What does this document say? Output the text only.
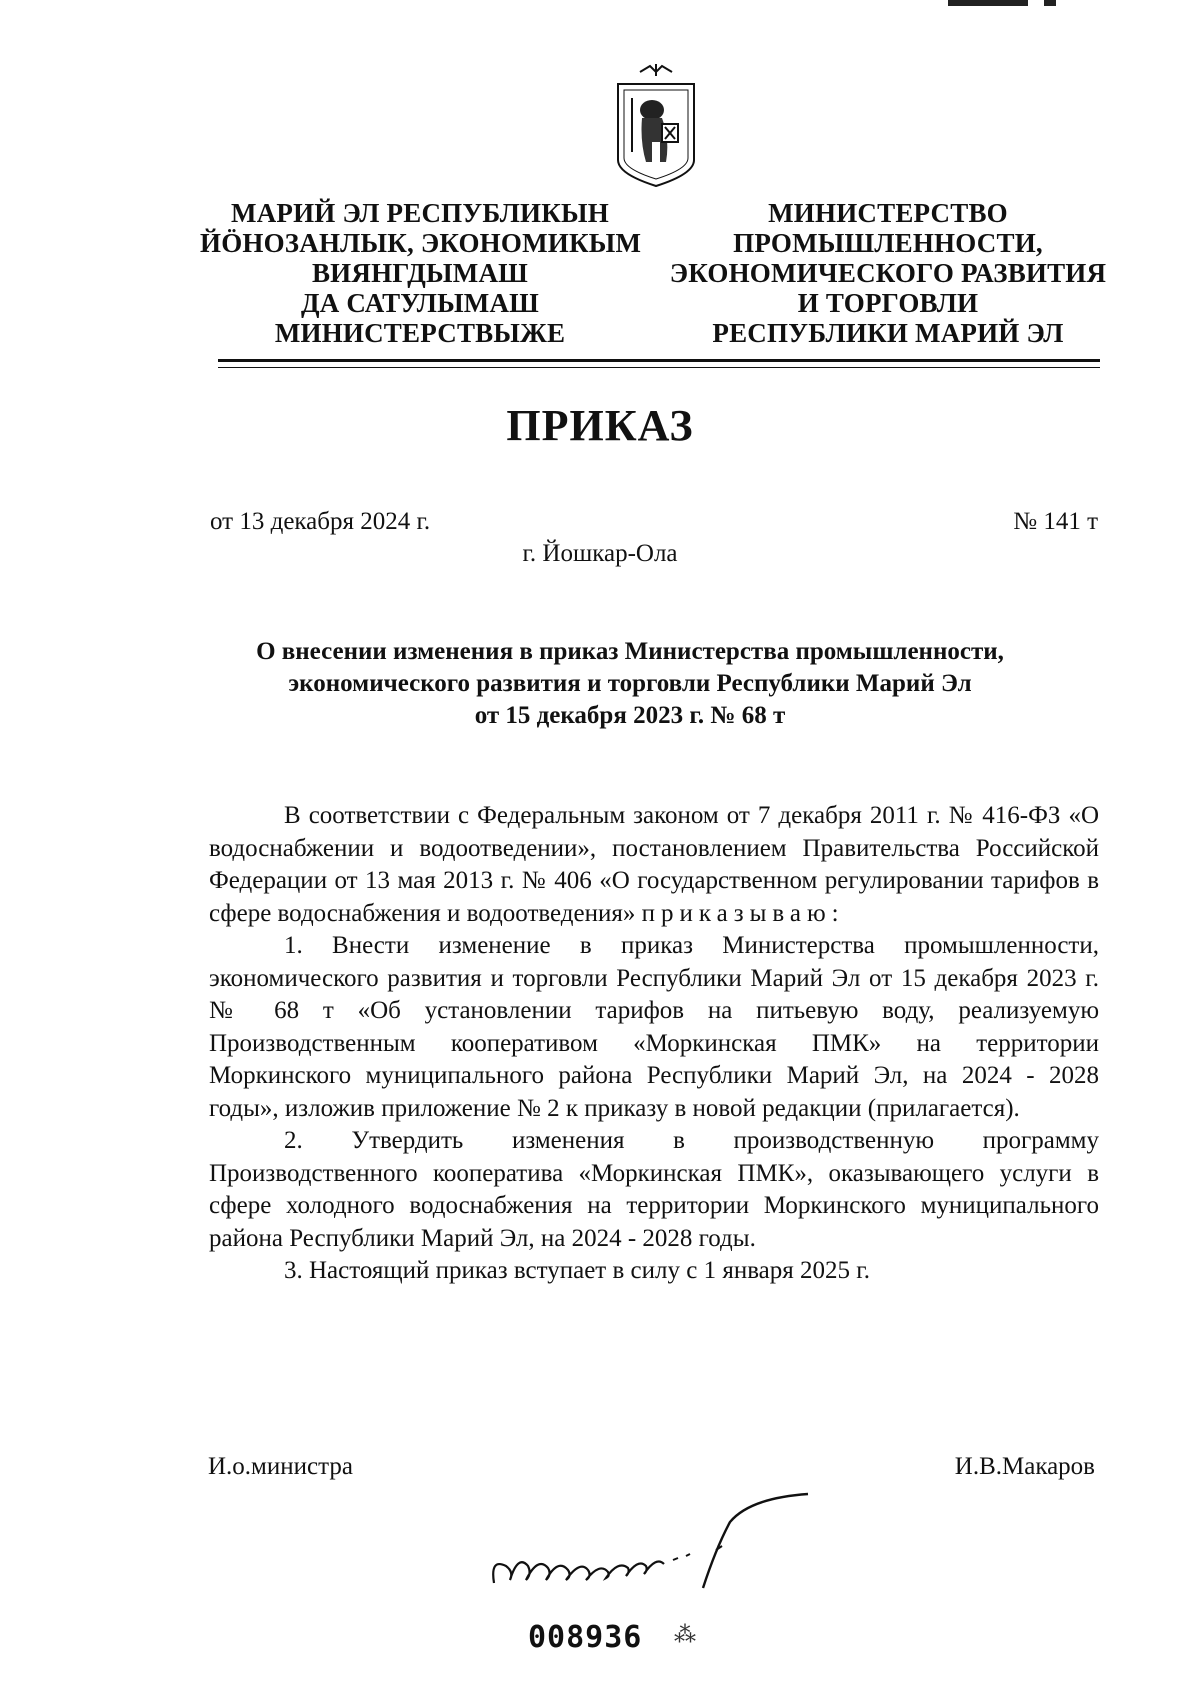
МАРИЙ ЭЛ РЕСПУБЛИКЫН
ЙӦНОЗАНЛЫК, ЭКОНОМИКЫМ
ВИЯНГДЫМАШ
ДА САТУЛЫМАШ
МИНИСТЕРСТВЫЖЕ
МИНИСТЕРСТВО
ПРОМЫШЛЕННОСТИ,
ЭКОНОМИЧЕСКОГО РАЗВИТИЯ
И ТОРГОВЛИ
РЕСПУБЛИКИ МАРИЙ ЭЛ
ПРИКАЗ
от 13 декабря 2024 г.	№ 141 т
г. Йошкар-Ола
О внесении изменения в приказ Министерства промышленности,
экономического развития и торговли Республики Марий Эл
от 15 декабря 2023 г. № 68 т

В соответствии с Федеральным законом от 7 декабря 2011 г. № 416-ФЗ «О водоснабжении и водоотведении», постановлением Правительства Российской Федерации от 13 мая 2013 г. № 406 «О государственном регулировании тарифов в сфере водоснабжения и водоотведения» приказываю:

1. Внести изменение в приказ Министерства промышленности, экономического развития и торговли Республики Марий Эл от 15 декабря 2023 г. № 68 т «Об установлении тарифов на питьевую воду, реализуемую Производственным кооперативом «Моркинская ПМК» на территории Моркинского муниципального района Республики Марий Эл, на 2024 - 2028 годы», изложив приложение № 2 к приказу в новой редакции (прилагается).

2. Утвердить изменения в производственную программу Производственного кооператива «Моркинская ПМК», оказывающего услуги в сфере холодного водоснабжения на территории Моркинского муниципального района Республики Марий Эл, на 2024 - 2028 годы.

3. Настоящий приказ вступает в силу с 1 января 2025 г.

И.о.министра	И.В.Макаров
008936 ⁂
